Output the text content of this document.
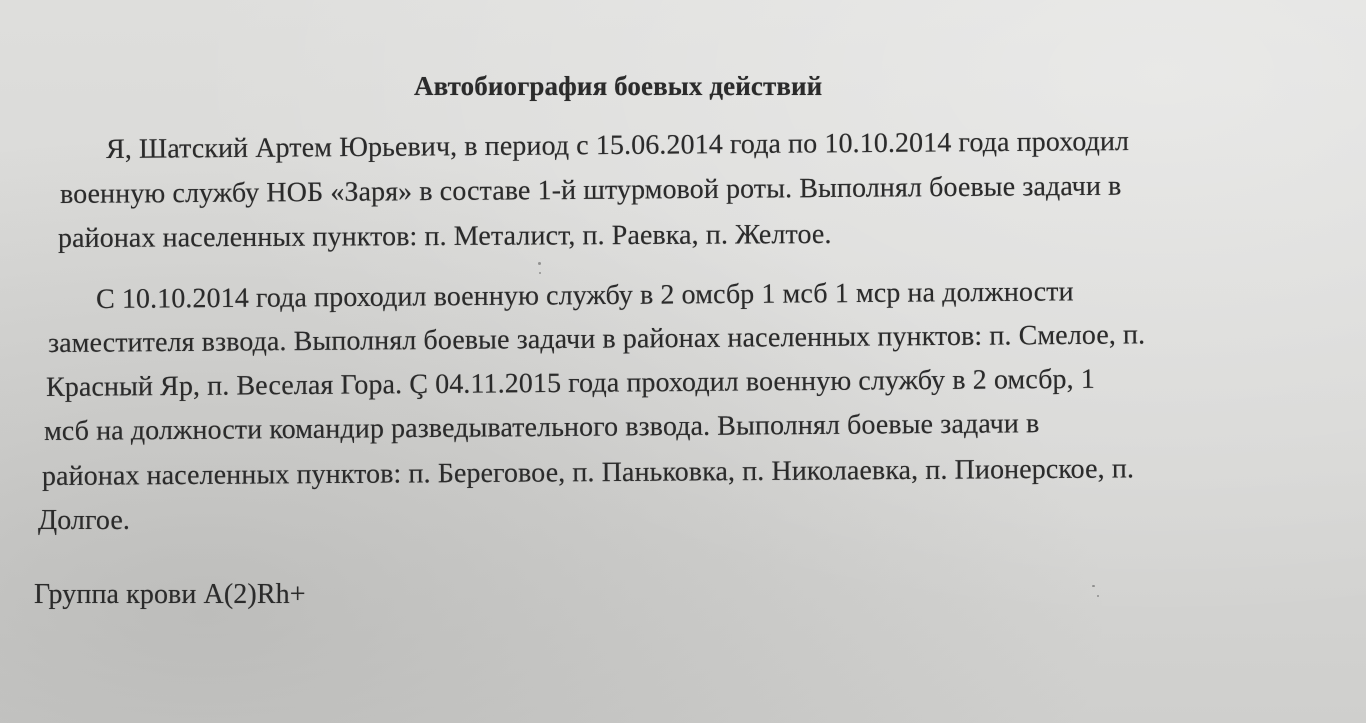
Автобиография боевых действий
Я, Шатский Артем Юрьевич, в период с 15.06.2014 года по 10.10.2014 года проходил
военную службу НОБ «Заря» в составе 1-й штурмовой роты. Выполнял боевые задачи в
районах населенных пунктов: п. Металист, п. Раевка, п. Желтое.
С 10.10.2014 года проходил военную службу в 2 омсбр 1 мсб 1 мср на должности
заместителя взвода. Выполнял боевые задачи в районах населенных пунктов: п. Смелое, п.
Красный Яр, п. Веселая Гора. Ç 04.11.2015 года проходил военную службу в 2 омсбр, 1
мсб на должности командир разведывательного взвода. Выполнял боевые задачи в
районах населенных пунктов: п. Береговое, п. Паньковка, п. Николаевка, п. Пионерское, п.
Долгое.
Группа крови A(2)Rh+
